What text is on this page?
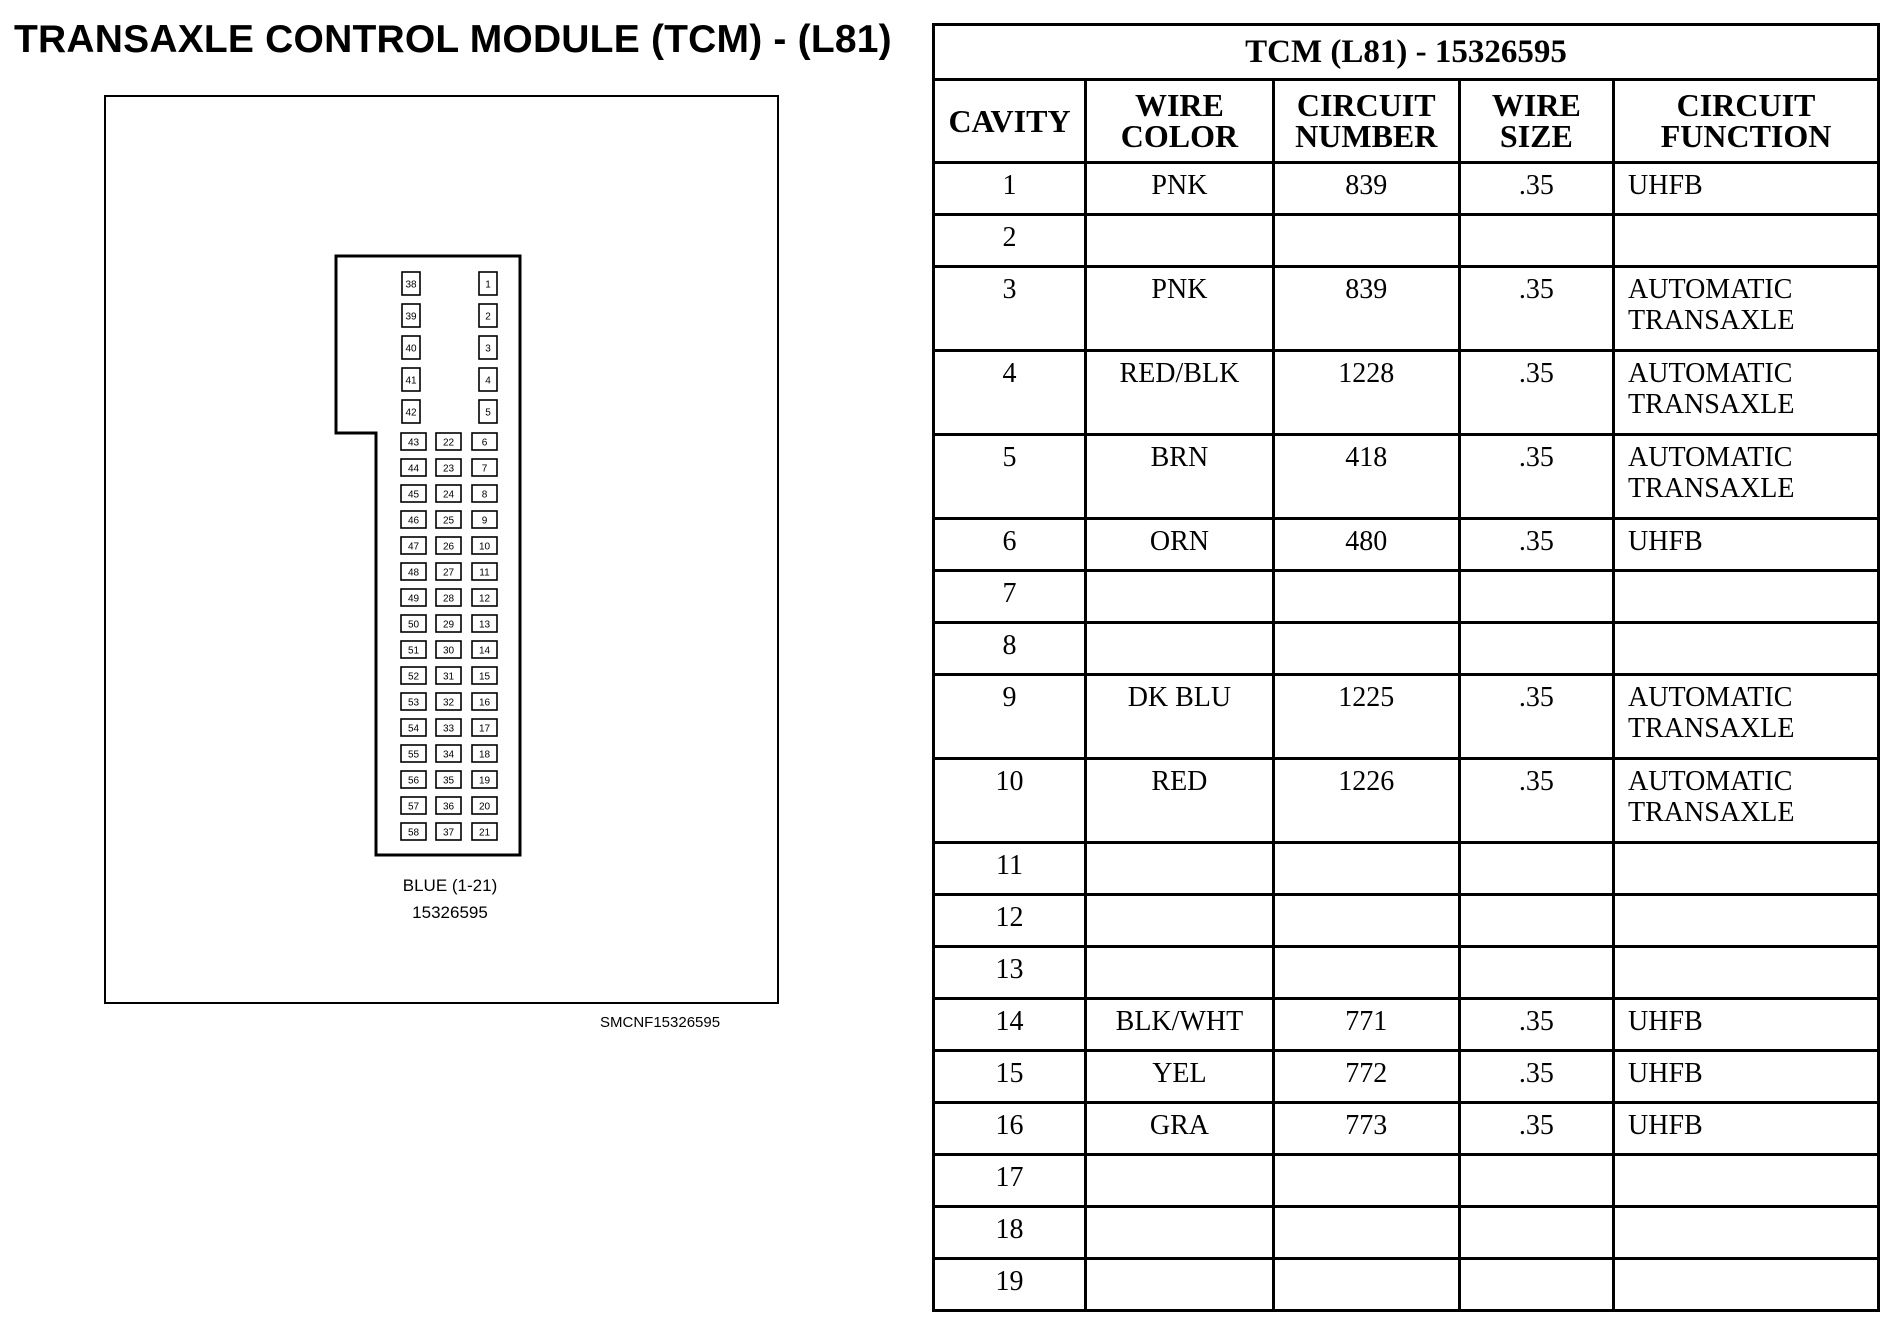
TRANSAXLE CONTROL MODULE (TCM) - (L81)
38
39
40
41
42
1
2
3
4
5
43
44
45
46
47
48
49
50
51
52
53
54
55
56
57
58
22
23
24
25
26
27
28
29
30
31
32
33
34
35
36
37
6
7
8
9
10
11
12
13
14
15
16
17
18
19
20
21
BLUE (1-21)
15326595
SMCNF15326595
TCM (L81) - 15326595				
CAVITY	WIRE COLOR	CIRCUIT NUMBER	WIRE SIZE	CIRCUIT FUNCTION
1	PNK	839	.35	UHFB
2				
3	PNK	839	.35	AUTOMATIC TRANSAXLE
4	RED/BLK	1228	.35	AUTOMATIC TRANSAXLE
5	BRN	418	.35	AUTOMATIC TRANSAXLE
6	ORN	480	.35	UHFB
7				
8				
9	DK BLU	1225	.35	AUTOMATIC TRANSAXLE
10	RED	1226	.35	AUTOMATIC TRANSAXLE
11				
12				
13				
14	BLK/WHT	771	.35	UHFB
15	YEL	772	.35	UHFB
16	GRA	773	.35	UHFB
17				
18				
19				
